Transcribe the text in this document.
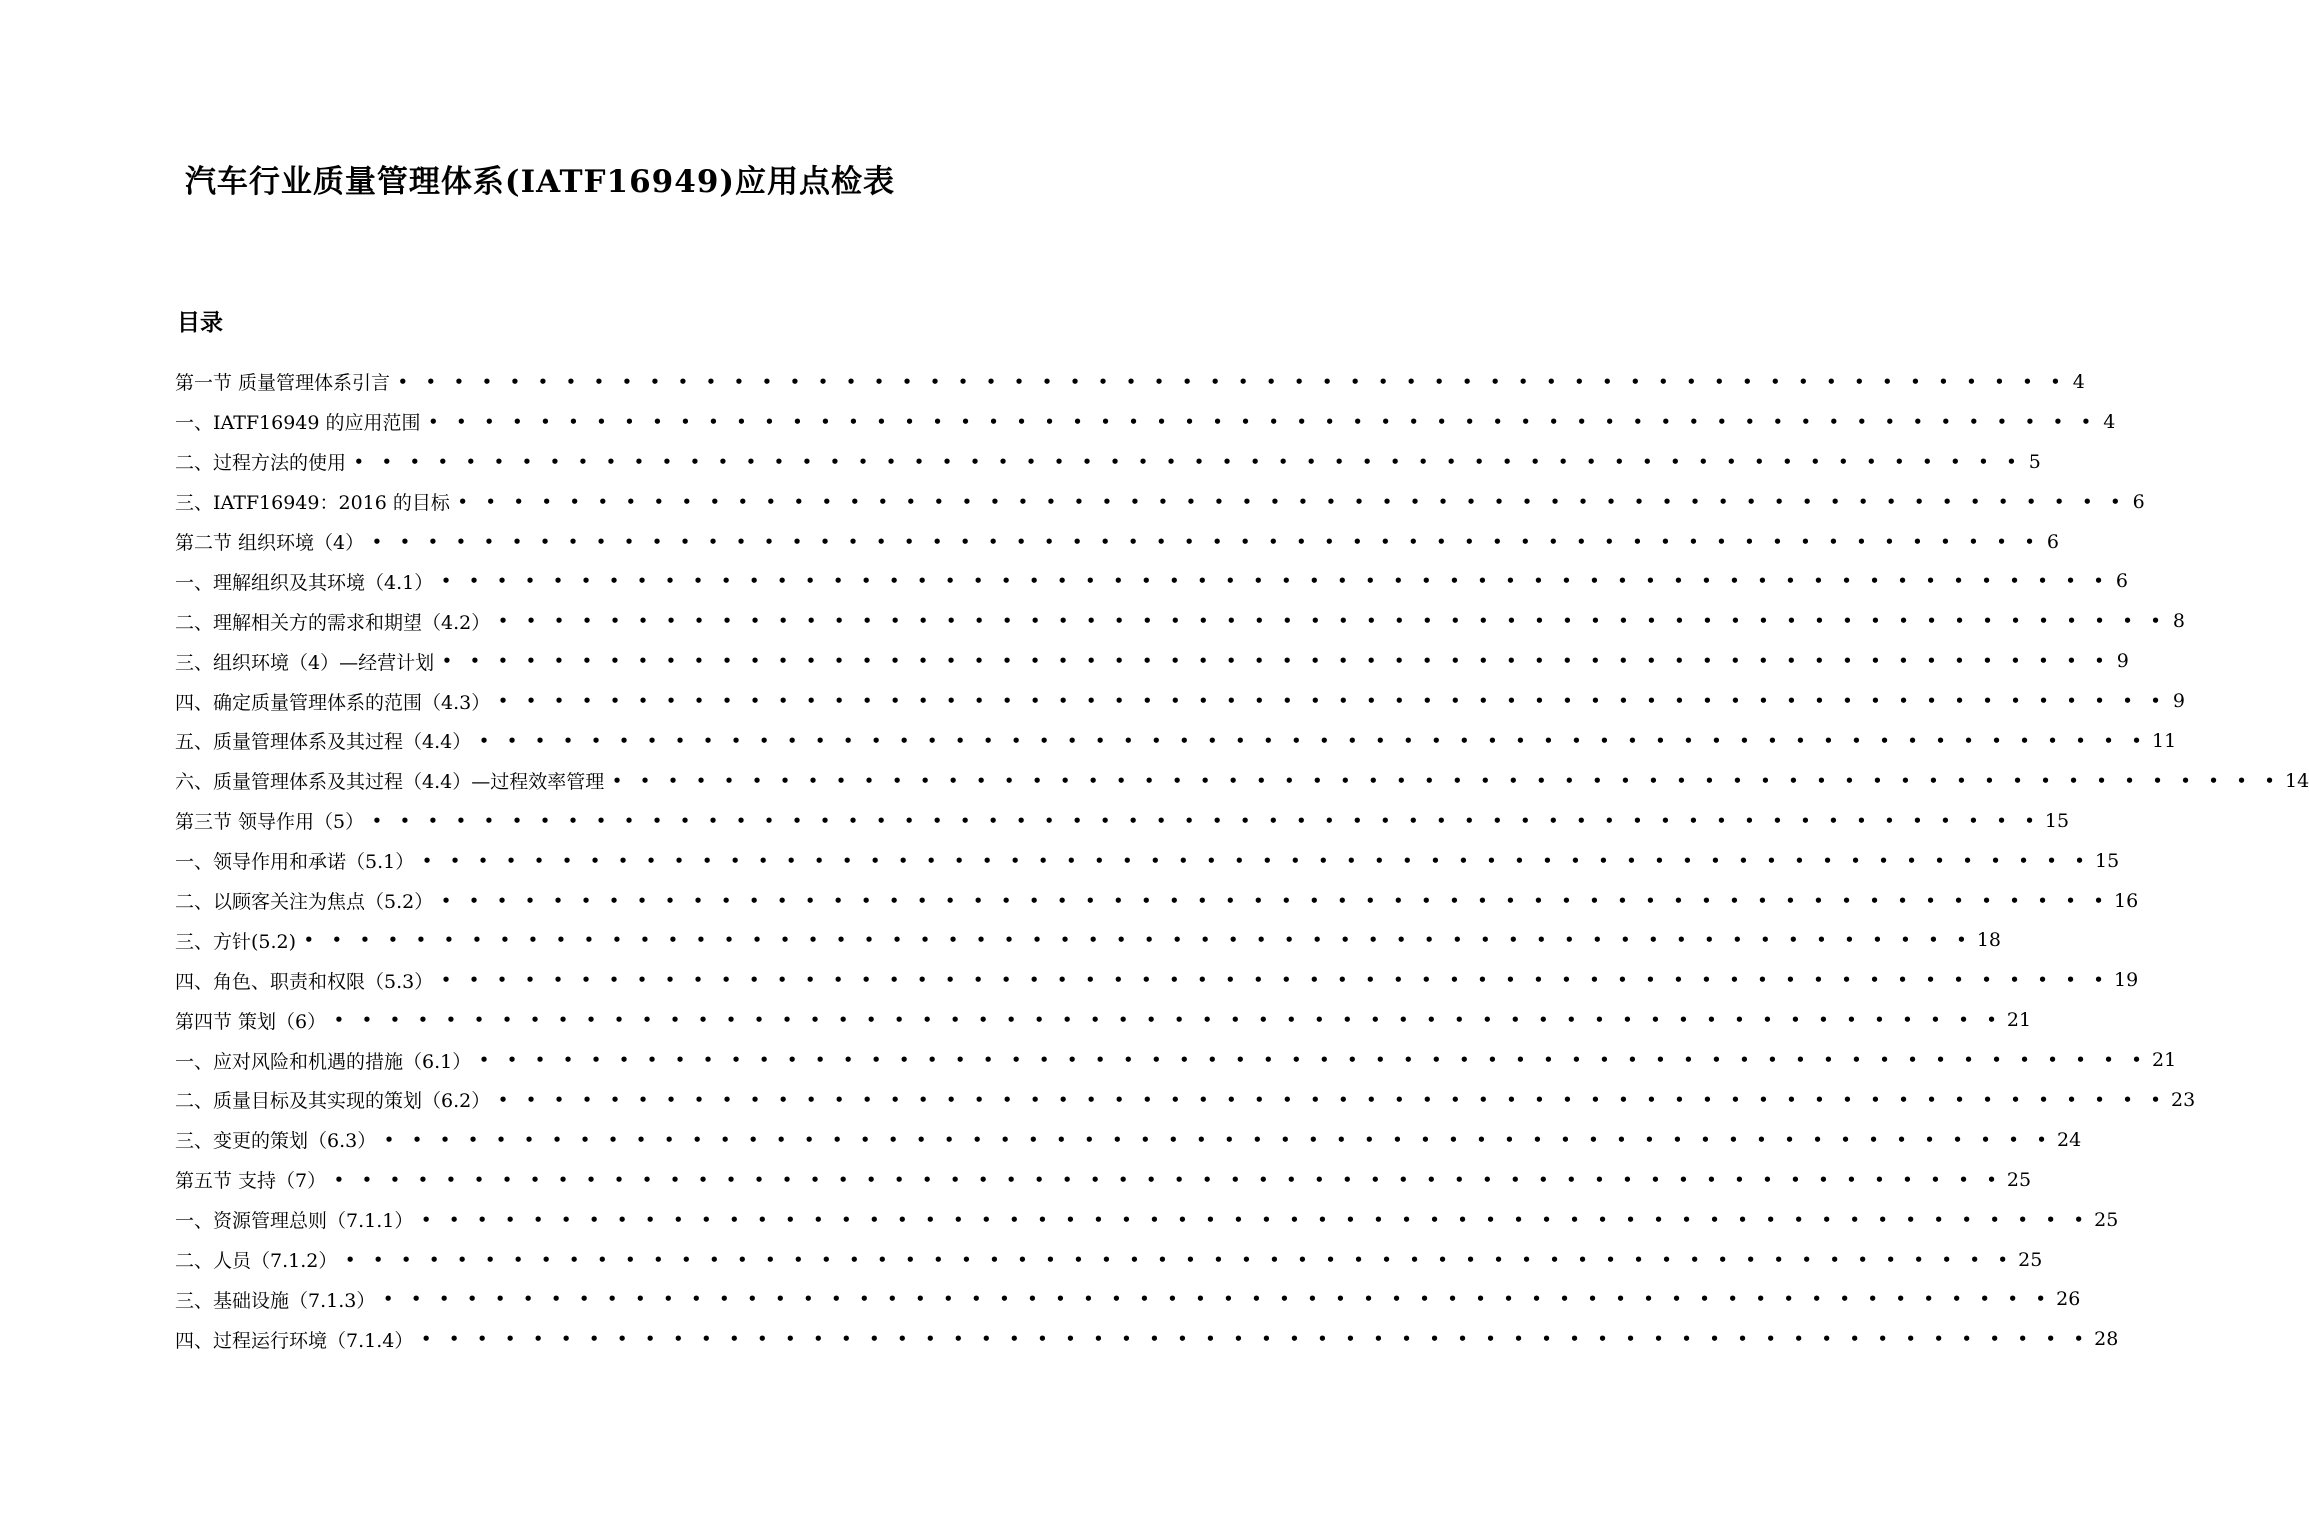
汽车行业质量管理体系(IATF16949)应用点检表
目录
第一节 质量管理体系引言 • • • • • • • • • • • • • • • • • • • • • • • • • • • • • • • • • • • • • • • • • • • • • • • • • • • • • • • • • • • • 4
一、IATF16949 的应用范围 • • • • • • • • • • • • • • • • • • • • • • • • • • • • • • • • • • • • • • • • • • • • • • • • • • • • • • • • • • • • 4
二、过程方法的使用 • • • • • • • • • • • • • • • • • • • • • • • • • • • • • • • • • • • • • • • • • • • • • • • • • • • • • • • • • • • • 5
三、IATF16949：2016 的目标 • • • • • • • • • • • • • • • • • • • • • • • • • • • • • • • • • • • • • • • • • • • • • • • • • • • • • • • • • • • • 6
第二节 组织环境（4） • • • • • • • • • • • • • • • • • • • • • • • • • • • • • • • • • • • • • • • • • • • • • • • • • • • • • • • • • • • • 6
一、理解组织及其环境（4.1） • • • • • • • • • • • • • • • • • • • • • • • • • • • • • • • • • • • • • • • • • • • • • • • • • • • • • • • • • • • • 6
二、理解相关方的需求和期望（4.2） • • • • • • • • • • • • • • • • • • • • • • • • • • • • • • • • • • • • • • • • • • • • • • • • • • • • • • • • • • • • 8
三、组织环境（4）—经营计划 • • • • • • • • • • • • • • • • • • • • • • • • • • • • • • • • • • • • • • • • • • • • • • • • • • • • • • • • • • • • 9
四、确定质量管理体系的范围（4.3） • • • • • • • • • • • • • • • • • • • • • • • • • • • • • • • • • • • • • • • • • • • • • • • • • • • • • • • • • • • • 9
五、质量管理体系及其过程（4.4） • • • • • • • • • • • • • • • • • • • • • • • • • • • • • • • • • • • • • • • • • • • • • • • • • • • • • • • • • • • • 11
六、质量管理体系及其过程（4.4）—过程效率管理 • • • • • • • • • • • • • • • • • • • • • • • • • • • • • • • • • • • • • • • • • • • • • • • • • • • • • • • • • • • • 14
第三节 领导作用（5） • • • • • • • • • • • • • • • • • • • • • • • • • • • • • • • • • • • • • • • • • • • • • • • • • • • • • • • • • • • • 15
一、领导作用和承诺（5.1） • • • • • • • • • • • • • • • • • • • • • • • • • • • • • • • • • • • • • • • • • • • • • • • • • • • • • • • • • • • • 15
二、以顾客关注为焦点（5.2） • • • • • • • • • • • • • • • • • • • • • • • • • • • • • • • • • • • • • • • • • • • • • • • • • • • • • • • • • • • • 16
三、方针(5.2) • • • • • • • • • • • • • • • • • • • • • • • • • • • • • • • • • • • • • • • • • • • • • • • • • • • • • • • • • • • • 18
四、角色、职责和权限（5.3） • • • • • • • • • • • • • • • • • • • • • • • • • • • • • • • • • • • • • • • • • • • • • • • • • • • • • • • • • • • • 19
第四节 策划（6） • • • • • • • • • • • • • • • • • • • • • • • • • • • • • • • • • • • • • • • • • • • • • • • • • • • • • • • • • • • • 21
一、应对风险和机遇的措施（6.1） • • • • • • • • • • • • • • • • • • • • • • • • • • • • • • • • • • • • • • • • • • • • • • • • • • • • • • • • • • • • 21
二、质量目标及其实现的策划（6.2） • • • • • • • • • • • • • • • • • • • • • • • • • • • • • • • • • • • • • • • • • • • • • • • • • • • • • • • • • • • • 23
三、变更的策划（6.3） • • • • • • • • • • • • • • • • • • • • • • • • • • • • • • • • • • • • • • • • • • • • • • • • • • • • • • • • • • • • 24
第五节 支持（7） • • • • • • • • • • • • • • • • • • • • • • • • • • • • • • • • • • • • • • • • • • • • • • • • • • • • • • • • • • • • 25
一、资源管理总则（7.1.1） • • • • • • • • • • • • • • • • • • • • • • • • • • • • • • • • • • • • • • • • • • • • • • • • • • • • • • • • • • • • 25
二、人员（7.1.2） • • • • • • • • • • • • • • • • • • • • • • • • • • • • • • • • • • • • • • • • • • • • • • • • • • • • • • • • • • • • 25
三、基础设施（7.1.3） • • • • • • • • • • • • • • • • • • • • • • • • • • • • • • • • • • • • • • • • • • • • • • • • • • • • • • • • • • • • 26
四、过程运行环境（7.1.4） • • • • • • • • • • • • • • • • • • • • • • • • • • • • • • • • • • • • • • • • • • • • • • • • • • • • • • • • • • • • 28
